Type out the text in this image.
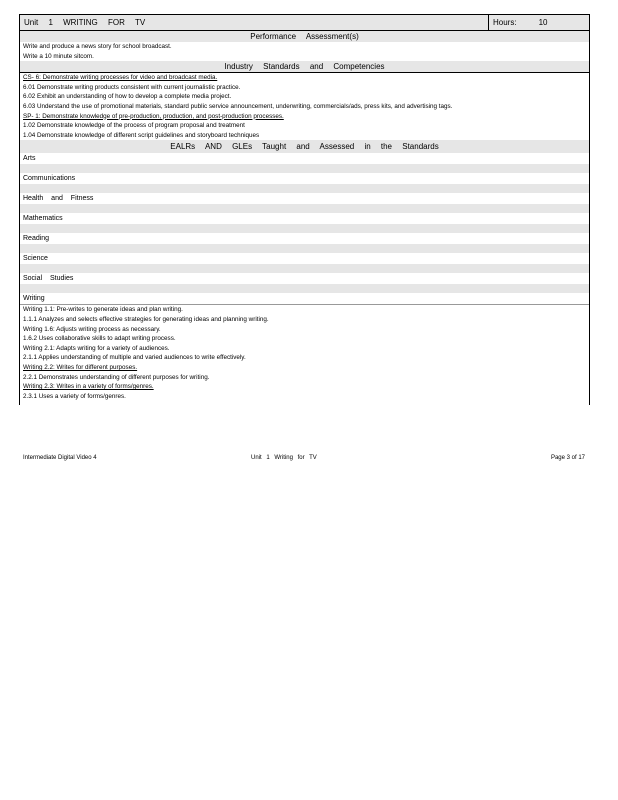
Unit 1 WRITING FOR TV	Hours:	10
Performance Assessment(s)
Write and produce a news story for school broadcast.
Write a 10 minute sitcom.
Industry Standards and Competencies
CS- 6: Demonstrate writing processes for video and broadcast media.
6.01 Demonstrate writing products consistent with current journalistic practice.
6.02 Exhibit an understanding of how to develop a complete media project.
6.03 Understand the use of promotional materials, standard public service announcement, underwriting, commercials/ads, press kits, and advertising tags.
SP- 1: Demonstrate knowledge of pre-production, production, and post-production processes.
1.02 Demonstrate knowledge of the process of program proposal and treatment
1.04 Demonstrate knowledge of different script guidelines and storyboard techniques
EALRs AND GLEs Taught and Assessed in the Standards
Arts
Communications
Health and Fitness
Mathematics
Reading
Science
Social Studies
Writing
Writing 1.1: Pre-writes to generate ideas and plan writing.
1.1.1 Analyzes and selects effective strategies for generating ideas and planning writing.
Writing 1.6: Adjusts writing process as necessary.
1.6.2 Uses collaborative skills to adapt writing process.
Writing 2.1: Adapts writing for a variety of audiences.
2.1.1 Applies understanding of multiple and varied audiences to write effectively.
Writing 2.2: Writes for different purposes.
2.2.1 Demonstrates understanding of different purposes for writing.
Writing 2.3: Writes in a variety of forms/genres.
2.3.1 Uses a variety of forms/genres.
Intermediate Digital Video 4	Unit 1 Writing for TV	Page 3 of 17
